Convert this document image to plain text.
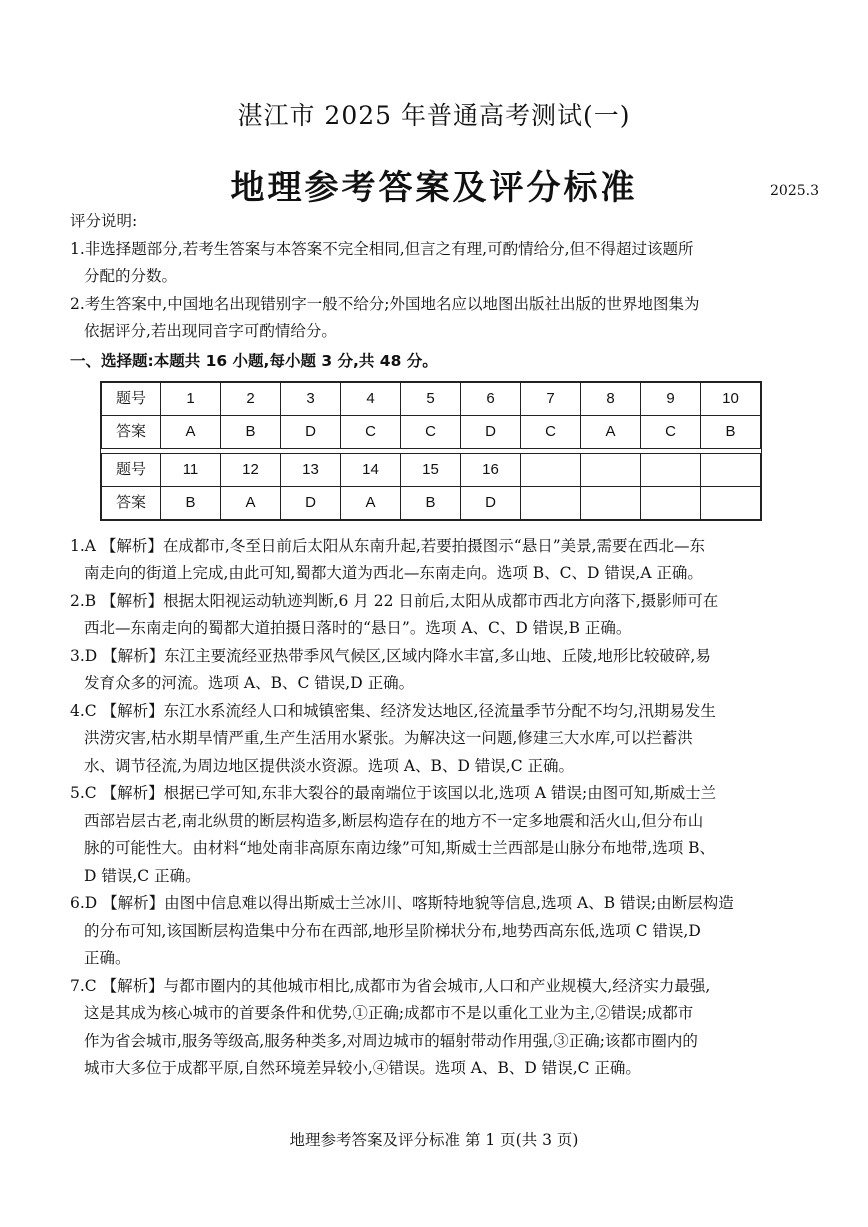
湛江市 2025 年普通高考测试(一)
地理参考答案及评分标准	2025.3

评分说明:

1.非选择题部分,若考生答案与本答案不完全相同,但言之有理,可酌情给分,但不得超过该题所

分配的分数。

2.考生答案中,中国地名出现错别字一般不给分;外国地名应以地图出版社出版的世界地图集为

依据评分,若出现同音字可酌情给分。

一、选择题:本题共 16 小题,每小题 3 分,共 48 分。

题号	1	2	3	4	5	6	7	8	9	10
答案	A	B	D	C	C	D	C	A	C	B

题号	11	12	13	14	15	16				
答案	B	A	D	A	B	D				

1.A 【解析】在成都市,冬至日前后太阳从东南升起,若要拍摄图示“悬日”美景,需要在西北—东

南走向的街道上完成,由此可知,蜀都大道为西北—东南走向。选项 B、C、D 错误,A 正确。

2.B 【解析】根据太阳视运动轨迹判断,6 月 22 日前后,太阳从成都市西北方向落下,摄影师可在

西北—东南走向的蜀都大道拍摄日落时的“悬日”。选项 A、C、D 错误,B 正确。

3.D 【解析】东江主要流经亚热带季风气候区,区域内降水丰富,多山地、丘陵,地形比较破碎,易

发育众多的河流。选项 A、B、C 错误,D 正确。

4.C 【解析】东江水系流经人口和城镇密集、经济发达地区,径流量季节分配不均匀,汛期易发生

洪涝灾害,枯水期旱情严重,生产生活用水紧张。为解决这一问题,修建三大水库,可以拦蓄洪

水、调节径流,为周边地区提供淡水资源。选项 A、B、D 错误,C 正确。

5.C 【解析】根据已学可知,东非大裂谷的最南端位于该国以北,选项 A 错误;由图可知,斯威士兰

西部岩层古老,南北纵贯的断层构造多,断层构造存在的地方不一定多地震和活火山,但分布山

脉的可能性大。由材料“地处南非高原东南边缘”可知,斯威士兰西部是山脉分布地带,选项 B、

D 错误,C 正确。

6.D 【解析】由图中信息难以得出斯威士兰冰川、喀斯特地貌等信息,选项 A、B 错误;由断层构造

的分布可知,该国断层构造集中分布在西部,地形呈阶梯状分布,地势西高东低,选项 C 错误,D

正确。

7.C 【解析】与都市圈内的其他城市相比,成都市为省会城市,人口和产业规模大,经济实力最强,

这是其成为核心城市的首要条件和优势,①正确;成都市不是以重化工业为主,②错误;成都市

作为省会城市,服务等级高,服务种类多,对周边城市的辐射带动作用强,③正确;该都市圈内的

城市大多位于成都平原,自然环境差异较小,④错误。选项 A、B、D 错误,C 正确。

地理参考答案及评分标准 第 1 页(共 3 页)
